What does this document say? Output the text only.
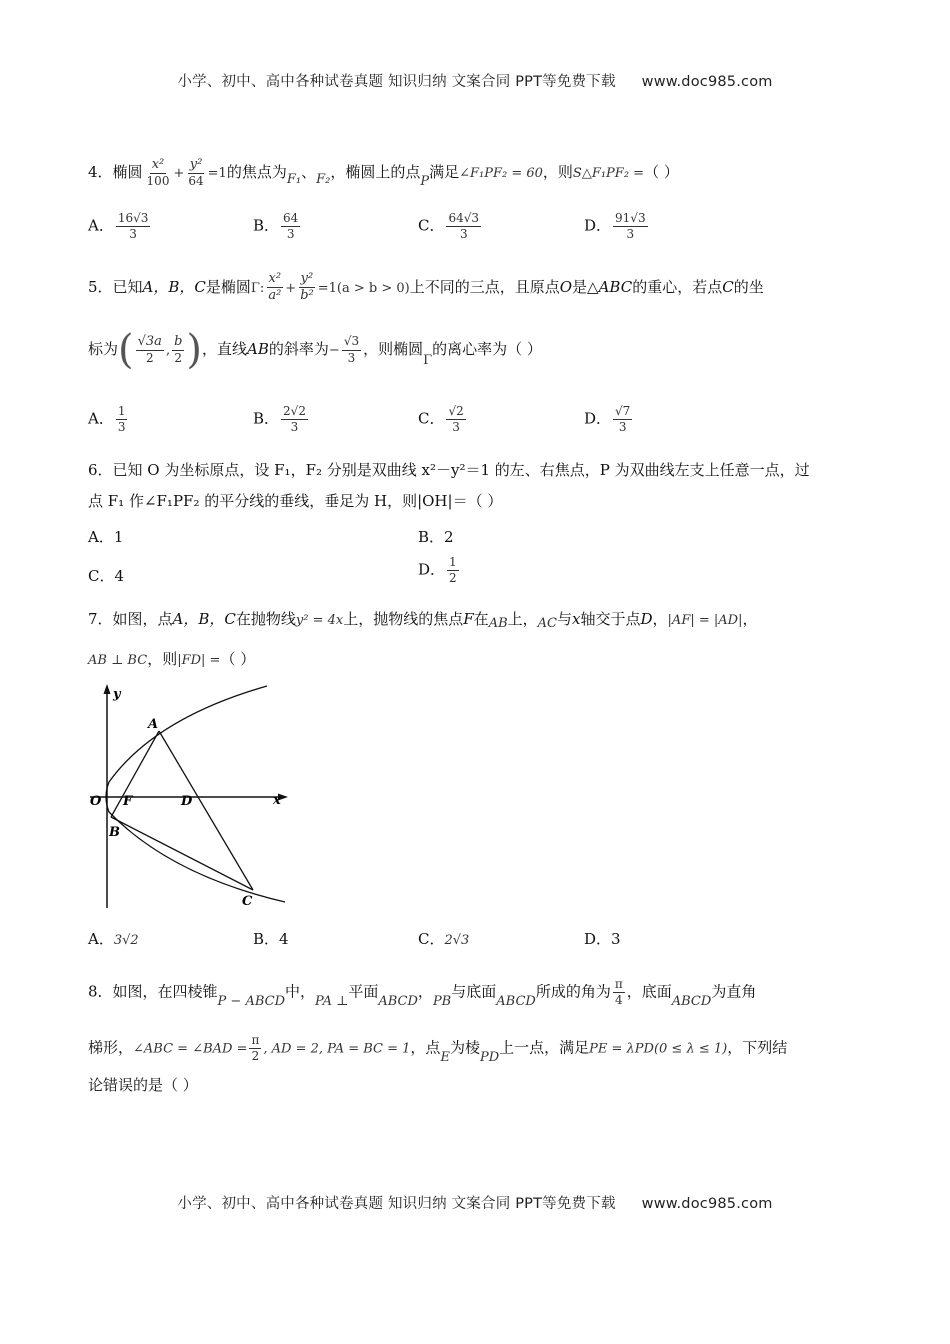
小学、初中、高中各种试卷真题 知识归纳 文案合同 PPT等免费下载 www.doc985.com
4．椭圆 $\frac{\text{x²}}{100} + \frac{\text{y²}}{64} =1$的焦点为F₁、F₂，椭圆上的点P满足∠F₁PF₂ = 60，则S△F₁PF₂ =（ ）
A． $\frac{16√3}{3}$	B． $\frac{64}{3}$	C． $\frac{64√3}{3}$	D． $\frac{91√3}{3}$
5．已知A，B，C是椭圆Γ: $\frac{\text{x²}}{\text{a²}} + \frac{\text{y²}}{\text{b²}} =1(a > b > 0)$上不同的三点，且原点O是△ABC的重心，若点C的坐
标为( $\frac{√3a}{2}$ , $\frac{b}{2}$ )，直线AB的斜率为− $\frac{√3}{3}$ ，则椭圆Γ的离心率为（ ）
A． $\frac{1}{3}$	B． $\frac{2√2}{3}$	C． $\frac{√2}{3}$	D． $\frac{√7}{3}$
6．已知 O 为坐标原点，设 F₁，F₂ 分别是双曲线 x²－y²＝1 的左、右焦点，P 为双曲线左支上任意一点，过
点 F₁ 作∠F₁PF₂ 的平分线的垂线，垂足为 H，则|OH|＝（ ）
A．1	B．2
C．4	D． $\frac{1}{2}$
7．如图，点A，B，C在抛物线y² = 4x上，抛物线的焦点F在AB上，AC与x轴交于点D，|AF| = |AD|，
AB ⊥ BC，则|FD| =（ ）
y
x
O F	D
A
B
C
A．3√2	B．4	C．2√3	D．3
8．如图，在四棱锥P − ABCD中，PA ⊥平面ABCD，PB与底面ABCD所成的角为 $\frac{\pi}{4}$ ，底面ABCD为直角
梯形，∠ABC = ∠BAD = $\frac{\pi}{2}$ , AD = 2, PA = BC = 1，点E为棱PD上一点，满足PE = λPD(0 ≤ λ ≤ 1)，下列结
论错误的是（ ）
小学、初中、高中各种试卷真题 知识归纳 文案合同 PPT等免费下载 www.doc985.com
